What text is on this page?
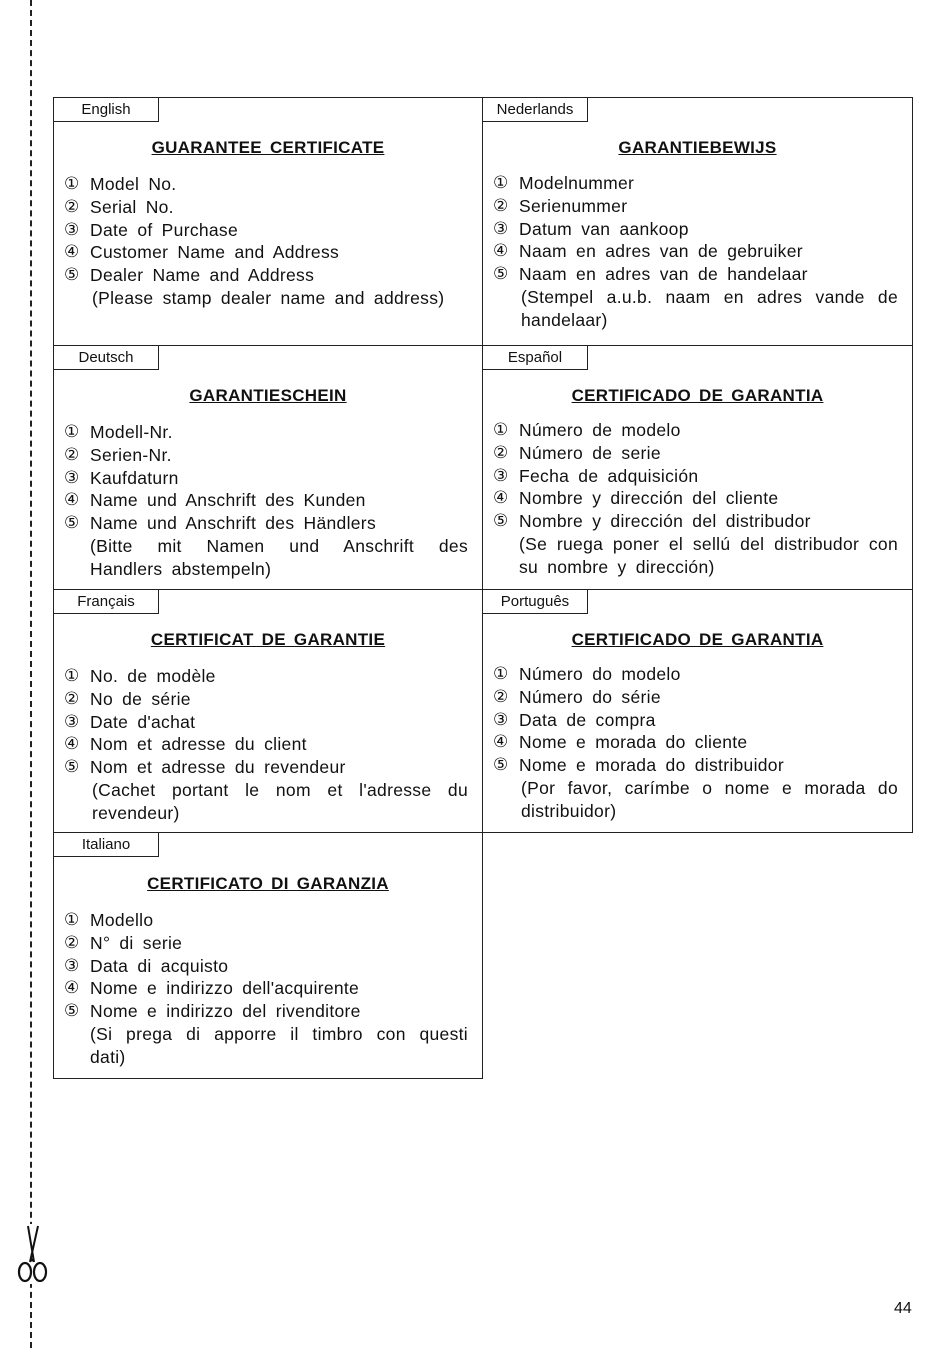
English
GUARANTEE CERTIFICATE
① Model No.
② Serial No.
③ Date of Purchase
④ Customer Name and Address
⑤ Dealer Name and Address
(Please stamp dealer name and address)
Nederlands
GARANTIEBEWIJS
① Modelnummer
② Serienummer
③ Datum van aankoop
④ Naam en adres van de gebruiker
⑤ Naam en adres van de handelaar
(Stempel a.u.b. naam en adres vande de handelaar)
Deutsch
GARANTIESCHEIN
① Modell-Nr.
② Serien-Nr.
③ Kaufdaturn
④ Name und Anschrift des Kunden
⑤ Name und Anschrift des Händlers
(Bitte mit Namen und Anschrift des Handlers abstempeln)
Español
CERTIFICADO DE GARANTIA
① Número de modelo
② Número de serie
③ Fecha de adquisición
④ Nombre y dirección del cliente
⑤ Nombre y dirección del distribudor
(Se ruega poner el sellú del distribudor con su nombre y dirección)
Français
CERTIFICAT DE GARANTIE
① No. de modèle
② No de série
③ Date d'achat
④ Nom et adresse du client
⑤ Nom et adresse du revendeur
(Cachet portant le nom et l'adresse du revendeur)
Português
CERTIFICADO DE GARANTIA
① Número do modelo
② Número do série
③ Data de compra
④ Nome e morada do cliente
⑤ Nome e morada do distribuidor
(Por favor, carímbe o nome e morada do distribuidor)
Italiano
CERTIFICATO DI GARANZIA
① Modello
② N° di serie
③ Data di acquisto
④ Nome e indirizzo dell'acquirente
⑤ Nome e indirizzo del rivenditore
(Si prega di apporre il timbro con questi dati)
44
